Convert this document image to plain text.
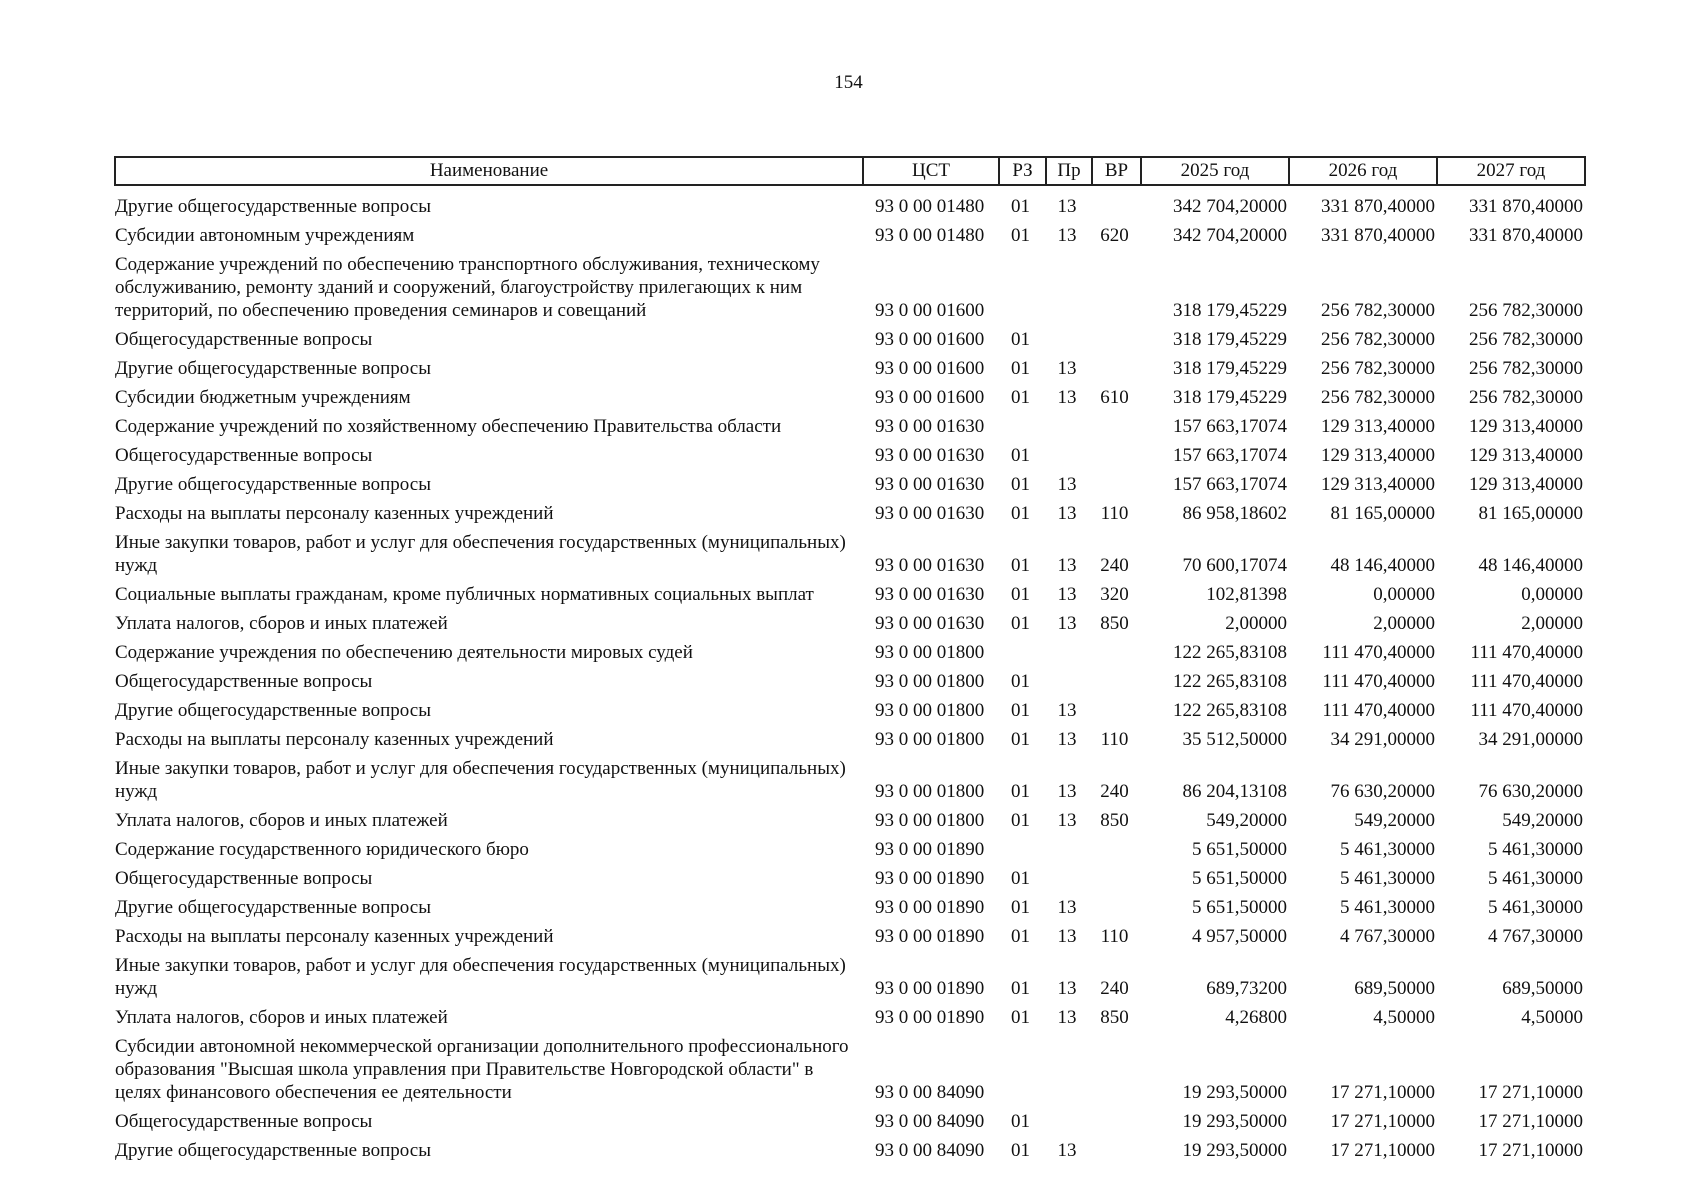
154
Наименование	ЦСТ	РЗ	Пр	ВР	2025 год	2026 год	2027 год

Другие общегосударственные вопросы	93 0 00 01480	01	13		342 704,20000	331 870,40000	331 870,40000
Субсидии автономным учреждениям	93 0 00 01480	01	13	620	342 704,20000	331 870,40000	331 870,40000
Содержание учреждений по обеспечению транспортного обслуживания, техническому обслуживанию, ремонту зданий и сооружений, благоустройству прилегающих к ним территорий, по обеспечению проведения семинаров и совещаний	93 0 00 01600				318 179,45229	256 782,30000	256 782,30000
Общегосударственные вопросы	93 0 00 01600	01			318 179,45229	256 782,30000	256 782,30000
Другие общегосударственные вопросы	93 0 00 01600	01	13		318 179,45229	256 782,30000	256 782,30000
Субсидии бюджетным учреждениям	93 0 00 01600	01	13	610	318 179,45229	256 782,30000	256 782,30000
Содержание учреждений по хозяйственному обеспечению Правительства области	93 0 00 01630				157 663,17074	129 313,40000	129 313,40000
Общегосударственные вопросы	93 0 00 01630	01			157 663,17074	129 313,40000	129 313,40000
Другие общегосударственные вопросы	93 0 00 01630	01	13		157 663,17074	129 313,40000	129 313,40000
Расходы на выплаты персоналу казенных учреждений	93 0 00 01630	01	13	110	86 958,18602	81 165,00000	81 165,00000
Иные закупки товаров, работ и услуг для обеспечения государственных (муниципальных) нужд	93 0 00 01630	01	13	240	70 600,17074	48 146,40000	48 146,40000
Социальные выплаты гражданам, кроме публичных нормативных социальных выплат	93 0 00 01630	01	13	320	102,81398	0,00000	0,00000
Уплата налогов, сборов и иных платежей	93 0 00 01630	01	13	850	2,00000	2,00000	2,00000
Содержание учреждения по обеспечению деятельности мировых судей	93 0 00 01800				122 265,83108	111 470,40000	111 470,40000
Общегосударственные вопросы	93 0 00 01800	01			122 265,83108	111 470,40000	111 470,40000
Другие общегосударственные вопросы	93 0 00 01800	01	13		122 265,83108	111 470,40000	111 470,40000
Расходы на выплаты персоналу казенных учреждений	93 0 00 01800	01	13	110	35 512,50000	34 291,00000	34 291,00000
Иные закупки товаров, работ и услуг для обеспечения государственных (муниципальных) нужд	93 0 00 01800	01	13	240	86 204,13108	76 630,20000	76 630,20000
Уплата налогов, сборов и иных платежей	93 0 00 01800	01	13	850	549,20000	549,20000	549,20000
Содержание государственного юридического бюро	93 0 00 01890				5 651,50000	5 461,30000	5 461,30000
Общегосударственные вопросы	93 0 00 01890	01			5 651,50000	5 461,30000	5 461,30000
Другие общегосударственные вопросы	93 0 00 01890	01	13		5 651,50000	5 461,30000	5 461,30000
Расходы на выплаты персоналу казенных учреждений	93 0 00 01890	01	13	110	4 957,50000	4 767,30000	4 767,30000
Иные закупки товаров, работ и услуг для обеспечения государственных (муниципальных) нужд	93 0 00 01890	01	13	240	689,73200	689,50000	689,50000
Уплата налогов, сборов и иных платежей	93 0 00 01890	01	13	850	4,26800	4,50000	4,50000
Субсидии автономной некоммерческой организации дополнительного профессионального образования "Высшая школа управления при Правительстве Новгородской области" в целях финансового обеспечения ее деятельности	93 0 00 84090				19 293,50000	17 271,10000	17 271,10000
Общегосударственные вопросы	93 0 00 84090	01			19 293,50000	17 271,10000	17 271,10000
Другие общегосударственные вопросы	93 0 00 84090	01	13		19 293,50000	17 271,10000	17 271,10000
